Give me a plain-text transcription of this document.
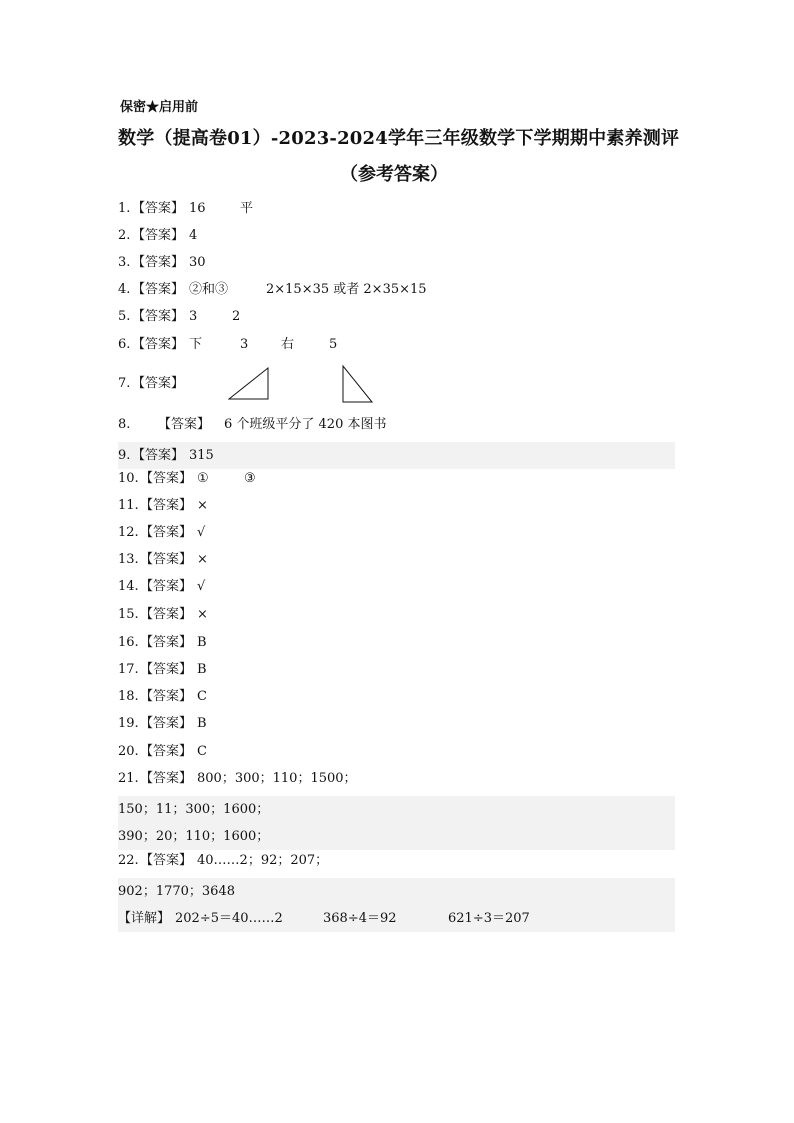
保密★启用前
数学（提高卷01）-2023-2024学年三年级数学下学期期中素养测评
（参考答案）
1. 【答案】 16	平
2. 【答案】 4
3. 【答案】 30
4. 【答案】 ②和③	2×15×35 或者 2×35×15
5. 【答案】 3	2
6. 【答案】 下	3	右	5
7. 【答案】
8. 【答案】 6 个班级平分了 420 本图书
9. 【答案】 315
10. 【答案】 ①	③
11. 【答案】 ×
12. 【答案】 √
13. 【答案】 ×
14. 【答案】 √
15. 【答案】 ×
16. 【答案】 B
17. 【答案】 B
18. 【答案】 C
19. 【答案】 B
20. 【答案】 C
21. 【答案】 800；300；110；1500；
150；11；300；1600；
390；20；110；1600；
22. 【答案】 40……2；92；207；
902；1770；3648
【详解】 202÷5＝40……2	368÷4＝92	621÷3＝207
